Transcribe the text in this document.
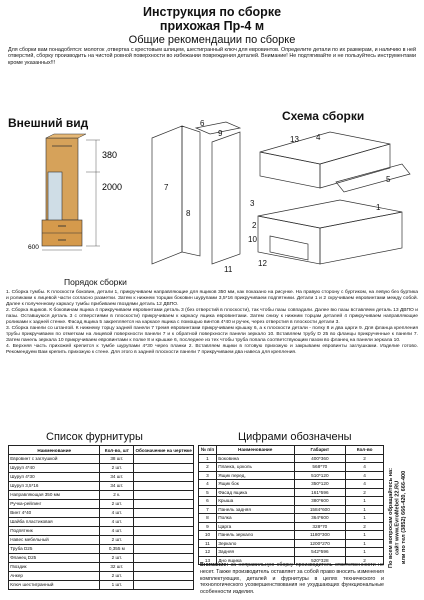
Инструкция по сборке
прихожая Пр-4 м
Общие рекомендации по сборке
Для сборки вам понадобятся: молоток ,отвертка с крестовым шлицем, шестигранный ключ для евровинтов. Определите детали по их размерам, и наличию в ней отверстий, сборку производить на чистой ровной поверхности во избежании повреждения деталей. Внимание! Не подтягивайте и не пользуйтесь инструментами кроме указанных!!!
Внешний вид
380
2000
600
Схема сборки
13 4
5
1
2
7
3
9
8
10
6
11
12
Порядок сборки

1. Сборка тумбы. К плоскости боковин, детали 1, прикручиваем направляющие для ящиков 350 мм, как показано на рисунке. На правую сторону с буртиком, на левую без буртика и роликами к лицевой части согласно разметки. Затем к нижнем торцам боковин шурупами 3,5*16 прикручиваем подпятники. Детали 1 и 2 скручиваем евровинтами между собой. Далее к полученному каркасу тумбы прибиваем гвоздями деталь 12 ДВПО.

2. Сборка ящиков. К боковинам ящика 4 прикручиваем евровинтами деталь 3 (без отверстий в плоскости), так чтобы пазы совпадали. Далее вю пазы вставляем деталь 13 ДВПО и пазы. Оставшуюся деталь 3 с отверстиями в плоскости) прикручиваем к каркасу ящика евровинтами. Затем снизу к нижним торцам деталей 4 прикручиваем направляющие роликами к задней стенке. Фасад ящика 5 закрепляется на каркасе ящика с помощью винтов 4*40 и ручек, через отверстия в плоскости детали 3.

3. Сборка панели со штангой. К нижнему торцу задней панели 7 тремя евровинтами прикручиваем крышку 6, а к плоскости детали - полку 8 и два царги 9. Для фланца крепления трубы прикручиваем по отметкам на лицевой поверхности панели 7 и к обратной поверхности панели зеркало 10. Вставляем трубу D 25 во фланцы прикрученные к панели 7. Затем панель зеркала 10 прикручиваем евровинтами к полке 8 и крышке 6, последнее из тех чтобы труба попала соответствующим пазом во фланец на панели зеркала 10.

4. Верхняя часть прихожей крепится к тумбе шурупами 4*30 через планки 2. Вставляем ящики в готовую прихожую и закрываем евровинты заглушками. Изделие готово. Рекомендуем Вам крепить прихожую к стене. Для этого в задней плоскости панели 7 прикручиваем два навеса для крепления.

Список фурнитуры
Наименование	Кол-во, шт	Обозначение на чертеже
Евровинт с заглушкой	38 шт.	
Шуруп 4*40	2 шт.	
Шуруп 4*30	34 шт.	
Шуруп 3,5*16	34 шт.	
Направляющая 350 мм	2 к.	
Ручка-рейлинг	2 шт.	
Винт 4*40	4 шт.	
Шайба пластиковая	4 шт.	
Подпятник	4 шт.	
Навес мебельный	2 шт.	
Труба D25	0,355 м	
Фланец D25	2 шт.	
Гвоздик	32 шт.	
Анкер	2 шт.	
Ключ шестигранный	1 шт.	
Цифрами обозначены
№ п/п	Наименование	Габарит	Кол-во
1	Боковина	400*360	2
2	Планка, цоколь	568*70	4
3	Ящик перед,	510*120	4
4	Ящик бок	350*120	4
5	Фасад ящика	161*596	2
6	Крыша	380*600	1
7	Панель задняя	1584*600	1
8	Полка	364*600	1
9	Царга	328*70	2
10	Панель зеркало	1180*300	1
11	Зеркало	1200*270	1
12	Задняя	542*596	1
13	Дно ящика	520*328	2
Внимание: за неправильную сборку производитель ответственности не несет. Также производитель оставляет за собой право вносить изменения комплектующих, деталей и фурнитуры в целях технического и технологического усовершенствования не ухудшающих функциональные особенности изделия.
По всем вопросам обращайтесь на:
сайт www.EvroMebel 22.RU
или по тел (3852) 666-420, 666-400
